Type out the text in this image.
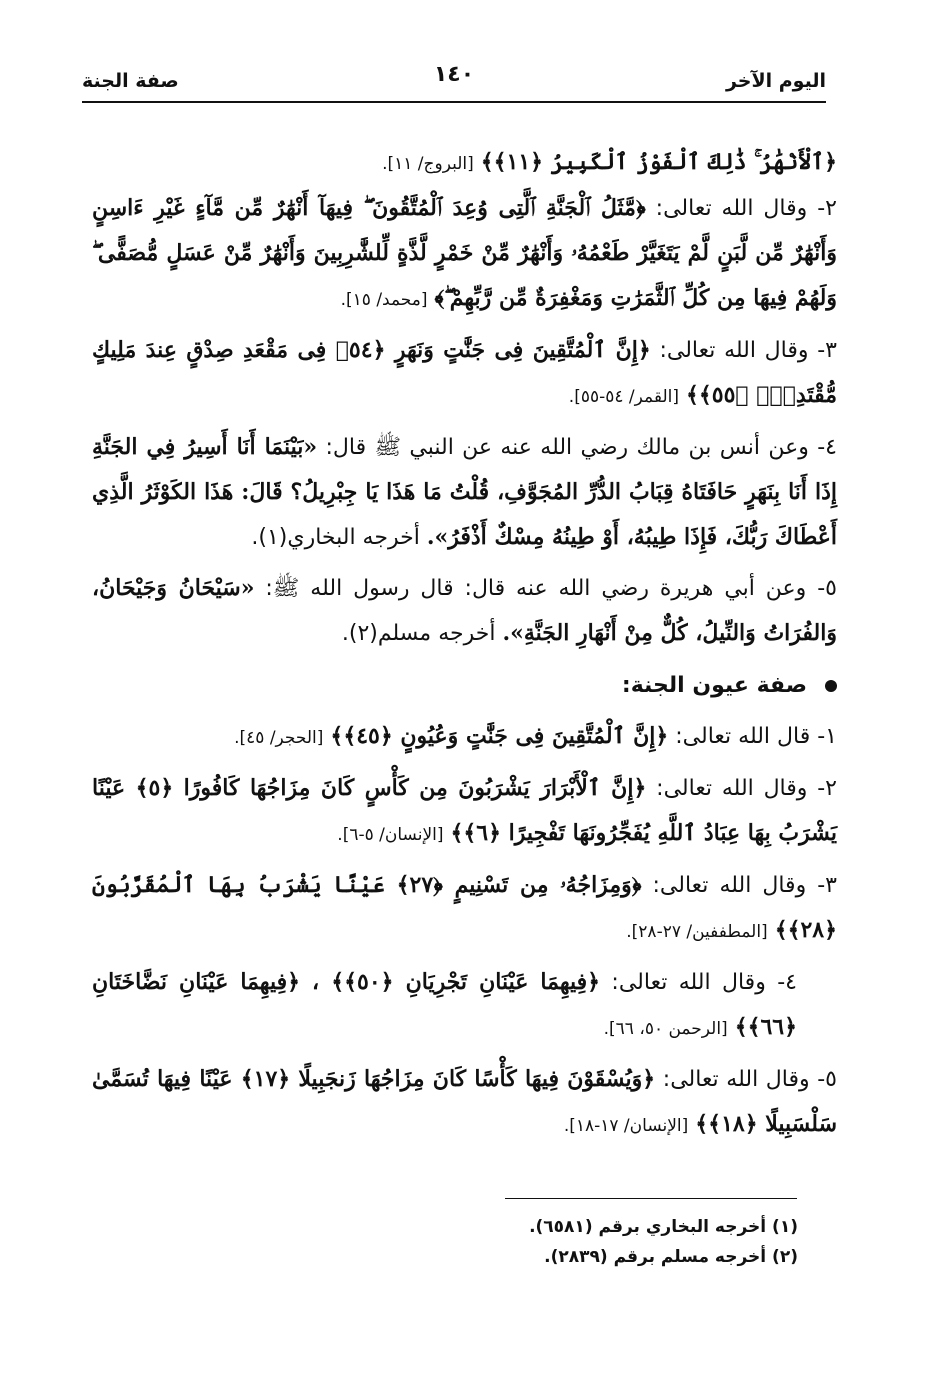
اليوم الآخر
١٤٠
صفة الجنة

﴿ٱلْأَنْهَٰرُ ۚ ذَٰلِكَ ٱلْفَوْزُ ٱلْكَبِيرُ ﴿١١﴾﴾ [البروج/ ١١].

٢- وقال الله تعالى: ﴿مَّثَلُ ٱلْجَنَّةِ ٱلَّتِى وُعِدَ ٱلْمُتَّقُونَ ۖ فِيهَآ أَنْهَٰرٌ مِّن مَّآءٍ غَيْرِ ءَاسِنٍ وَأَنْهَٰرٌ مِّن لَّبَنٍ لَّمْ يَتَغَيَّرْ طَعْمُهُۥ وَأَنْهَٰرٌ مِّنْ خَمْرٍ لَّذَّةٍ لِّلشَّٰرِبِينَ وَأَنْهَٰرٌ مِّنْ عَسَلٍ مُّصَفًّى ۖ وَلَهُمْ فِيهَا مِن كُلِّ ٱلثَّمَرَٰتِ وَمَغْفِرَةٌ مِّن رَّبِّهِمْ ۖ﴾ [محمد/ ١٥].

٣- وقال الله تعالى: ﴿إِنَّ ٱلْمُتَّقِينَ فِى جَنَّٰتٍ وَنَهَرٍ ﴿٥٤﴾ فِى مَقْعَدِ صِدْقٍ عِندَ مَلِيكٍ مُّقْتَدِرٍۭ ﴿٥٥﴾﴾ [القمر/ ٥٤-٥٥].

٤- وعن أنس بن مالك رضي الله عنه عن النبي ﷺ قال: «بَيْنَمَا أَنَا أَسِيرُ فِي الجَنَّةِ إِذَا أَنَا بِنَهَرٍ حَافَتَاهُ قِبَابُ الدُّرِّ المُجَوَّفِ، قُلْتُ مَا هَذَا يَا جِبْرِيلُ؟ قَالَ: هَذَا الكَوْثَرُ الَّذِي أَعْطَاكَ رَبُّكَ، فَإِذَا طِيبُهُ، أَوْ طِينُهُ مِسْكٌ أَذْفَرُ». أخرجه البخاري(١).

٥- وعن أبي هريرة رضي الله عنه قال: قال رسول الله ﷺ: «سَيْحَانُ وَجَيْحَانُ، وَالفُرَاتُ وَالنِّيلُ، كُلٌّ مِنْ أَنْهَارِ الجَنَّةِ». أخرجه مسلم(٢).

صفة عيون الجنة:

١- قال الله تعالى: ﴿إِنَّ ٱلْمُتَّقِينَ فِى جَنَّٰتٍ وَعُيُونٍ ﴿٤٥﴾﴾ [الحجر/ ٤٥].

٢- وقال الله تعالى: ﴿إِنَّ ٱلْأَبْرَارَ يَشْرَبُونَ مِن كَأْسٍ كَانَ مِزَاجُهَا كَافُورًا ﴿٥﴾ عَيْنًا يَشْرَبُ بِهَا عِبَادُ ٱللَّهِ يُفَجِّرُونَهَا تَفْجِيرًا ﴿٦﴾﴾ [الإنسان/ ٥-٦].

٣- وقال الله تعالى: ﴿وَمِزَاجُهُۥ مِن تَسْنِيمٍ ﴿٢٧﴾ عَيْنًا يَشْرَبُ بِهَا ٱلْمُقَرَّبُونَ ﴿٢٨﴾﴾ [المطففين/ ٢٧-٢٨].

٤- وقال الله تعالى: ﴿فِيهِمَا عَيْنَانِ تَجْرِيَانِ ﴿٥٠﴾﴾ ، ﴿فِيهِمَا عَيْنَانِ نَضَّاخَتَانِ ﴿٦٦﴾﴾ [الرحمن ٥٠، ٦٦].

٥- وقال الله تعالى: ﴿وَيُسْقَوْنَ فِيهَا كَأْسًا كَانَ مِزَاجُهَا زَنجَبِيلًا ﴿١٧﴾ عَيْنًا فِيهَا تُسَمَّىٰ سَلْسَبِيلًا ﴿١٨﴾﴾ [الإنسان/ ١٧-١٨].

(١) أخرجه البخاري برقم (٦٥٨١).
(٢) أخرجه مسلم برقم (٢٨٣٩).
